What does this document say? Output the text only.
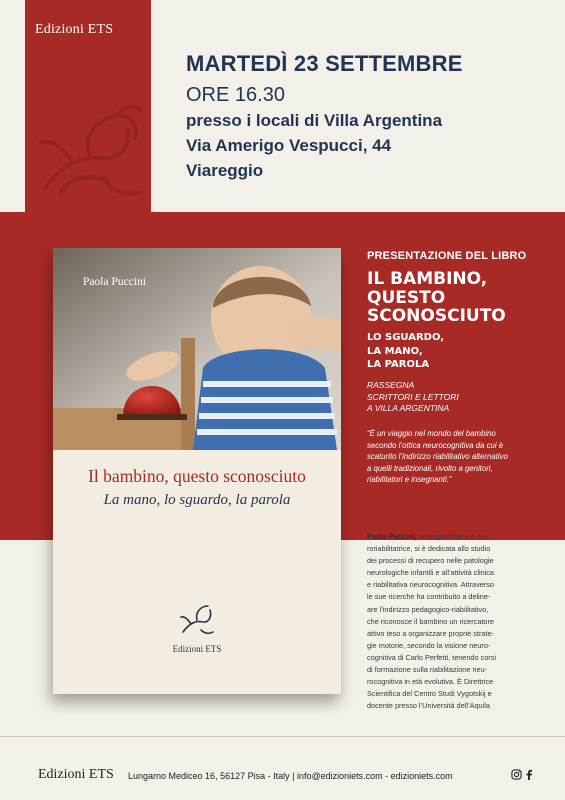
Edizioni ETS
MARTEDÌ 23 SETTEMBRE
ORE 16.30
presso i locali di Villa Argentina
Via Amerigo Vespucci, 44
Viareggio
Paola Puccini
Il bambino, questo sconosciuto
La mano, lo sguardo, la parola
Edizioni ETS
PRESENTAZIONE DEL LIBRO
IL BAMBINO,
QUESTO
SCONOSCIUTO
LO SGUARDO,
LA MANO,
LA PAROLA
RASSEGNA
SCRITTORI E LETTORI
A VILLA ARGENTINA
“È un viaggio nel mondo del bambino
secondo l’ottica neurocognitiva da cui è
scaturito l’indirizzo riabilitativo alternativo
a quelli tradizionali, rivolto a genitori,
riabilitatori e insegnanti.”
Paola Puccini, neuropsichiatra e neu-
roriabilitatrice, si è dedicata allo studio
dei processi di recupero nelle patologie
neurologiche infantili e all’attività clinica
e riabilitativa neurocognitiva. Attraverso
le sue ricerche ha contribuito a deline-
are l’indirizzo pedagogico-riabilitativo,
che riconosce il bambino un ricercatore
attivo teso a organizzare proprie strate-
gie motorie, secondo la visione neuro-
cognitiva di Carlo Perfetti, tenendo corsi
di formazione sulla riabilitazione neu-
rocognitiva in età evolutiva. È Direttrice
Scientifica del Centro Studi Vygotskij e
docente presso l’Università dell’Aquila
Edizioni ETS Lungarno Mediceo 16, 56127 Pisa - Italy | info@edizioniets.com - edizioniets.com
